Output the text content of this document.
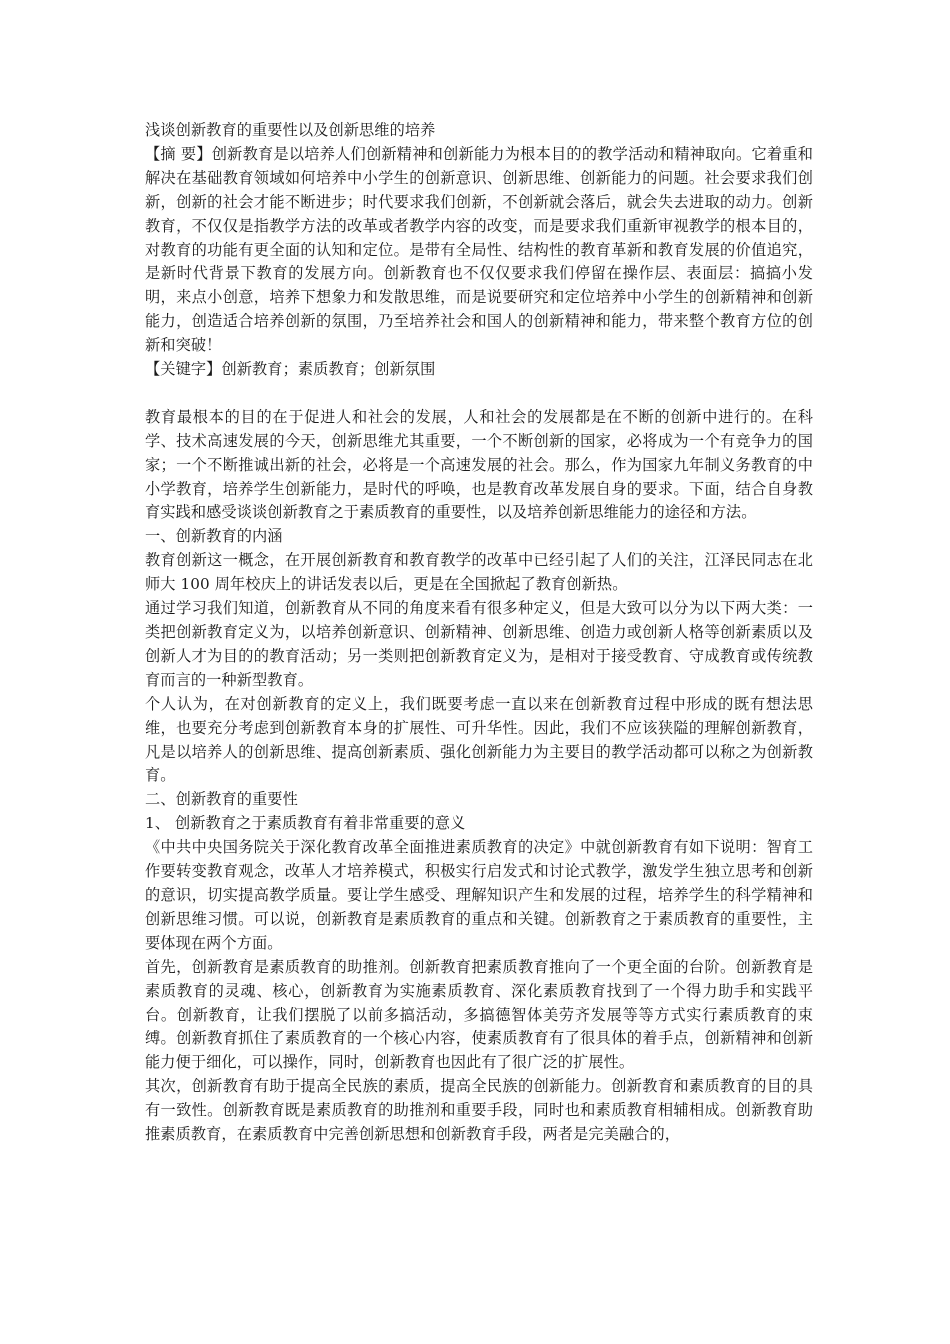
浅谈创新教育的重要性以及创新思维的培养

【摘 要】创新教育是以培养人们创新精神和创新能力为根本目的的教学活动和精神取向。它着重和解决在基础教育领域如何培养中小学生的创新意识、创新思维、创新能力的问题。社会要求我们创新，创新的社会才能不断进步；时代要求我们创新，不创新就会落后，就会失去进取的动力。创新教育，不仅仅是指教学方法的改革或者教学内容的改变，而是要求我们重新审视教学的根本目的，对教育的功能有更全面的认知和定位。是带有全局性、结构性的教育革新和教育发展的价值追究，是新时代背景下教育的发展方向。创新教育也不仅仅要求我们停留在操作层、表面层：搞搞小发明，来点小创意，培养下想象力和发散思维，而是说要研究和定位培养中小学生的创新精神和创新能力，创造适合培养创新的氛围，乃至培养社会和国人的创新精神和能力，带来整个教育方位的创新和突破！

【关键字】创新教育；素质教育；创新氛围

教育最根本的目的在于促进人和社会的发展，人和社会的发展都是在不断的创新中进行的。在科学、技术高速发展的今天，创新思维尤其重要，一个不断创新的国家，必将成为一个有竞争力的国家；一个不断推诚出新的社会，必将是一个高速发展的社会。那么，作为国家九年制义务教育的中小学教育，培养学生创新能力，是时代的呼唤，也是教育改革发展自身的要求。下面，结合自身教育实践和感受谈谈创新教育之于素质教育的重要性，以及培养创新思维能力的途径和方法。

一、创新教育的内涵

教育创新这一概念，在开展创新教育和教育教学的改革中已经引起了人们的关注，江泽民同志在北师大 100 周年校庆上的讲话发表以后，更是在全国掀起了教育创新热。

通过学习我们知道，创新教育从不同的角度来看有很多种定义，但是大致可以分为以下两大类：一类把创新教育定义为，以培养创新意识、创新精神、创新思维、创造力或创新人格等创新素质以及创新人才为目的的教育活动；另一类则把创新教育定义为，是相对于接受教育、守成教育或传统教育而言的一种新型教育。

个人认为，在对创新教育的定义上，我们既要考虑一直以来在创新教育过程中形成的既有想法思维，也要充分考虑到创新教育本身的扩展性、可升华性。因此，我们不应该狭隘的理解创新教育，凡是以培养人的创新思维、提高创新素质、强化创新能力为主要目的教学活动都可以称之为创新教育。

二、创新教育的重要性

1、 创新教育之于素质教育有着非常重要的意义

《中共中央国务院关于深化教育改革全面推进素质教育的决定》中就创新教育有如下说明：智育工作要转变教育观念，改革人才培养模式，积极实行启发式和讨论式教学，激发学生独立思考和创新的意识，切实提高教学质量。要让学生感受、理解知识产生和发展的过程，培养学生的科学精神和创新思维习惯。可以说，创新教育是素质教育的重点和关键。创新教育之于素质教育的重要性，主要体现在两个方面。

首先，创新教育是素质教育的助推剂。创新教育把素质教育推向了一个更全面的台阶。创新教育是素质教育的灵魂、核心，创新教育为实施素质教育、深化素质教育找到了一个得力助手和实践平台。创新教育，让我们摆脱了以前多搞活动，多搞德智体美劳齐发展等等方式实行素质教育的束缚。创新教育抓住了素质教育的一个核心内容，使素质教育有了很具体的着手点，创新精神和创新能力便于细化，可以操作，同时，创新教育也因此有了很广泛的扩展性。

其次，创新教育有助于提高全民族的素质，提高全民族的创新能力。创新教育和素质教育的目的具有一致性。创新教育既是素质教育的助推剂和重要手段，同时也和素质教育相辅相成。创新教育助推素质教育，在素质教育中完善创新思想和创新教育手段，两者是完美融合的，
